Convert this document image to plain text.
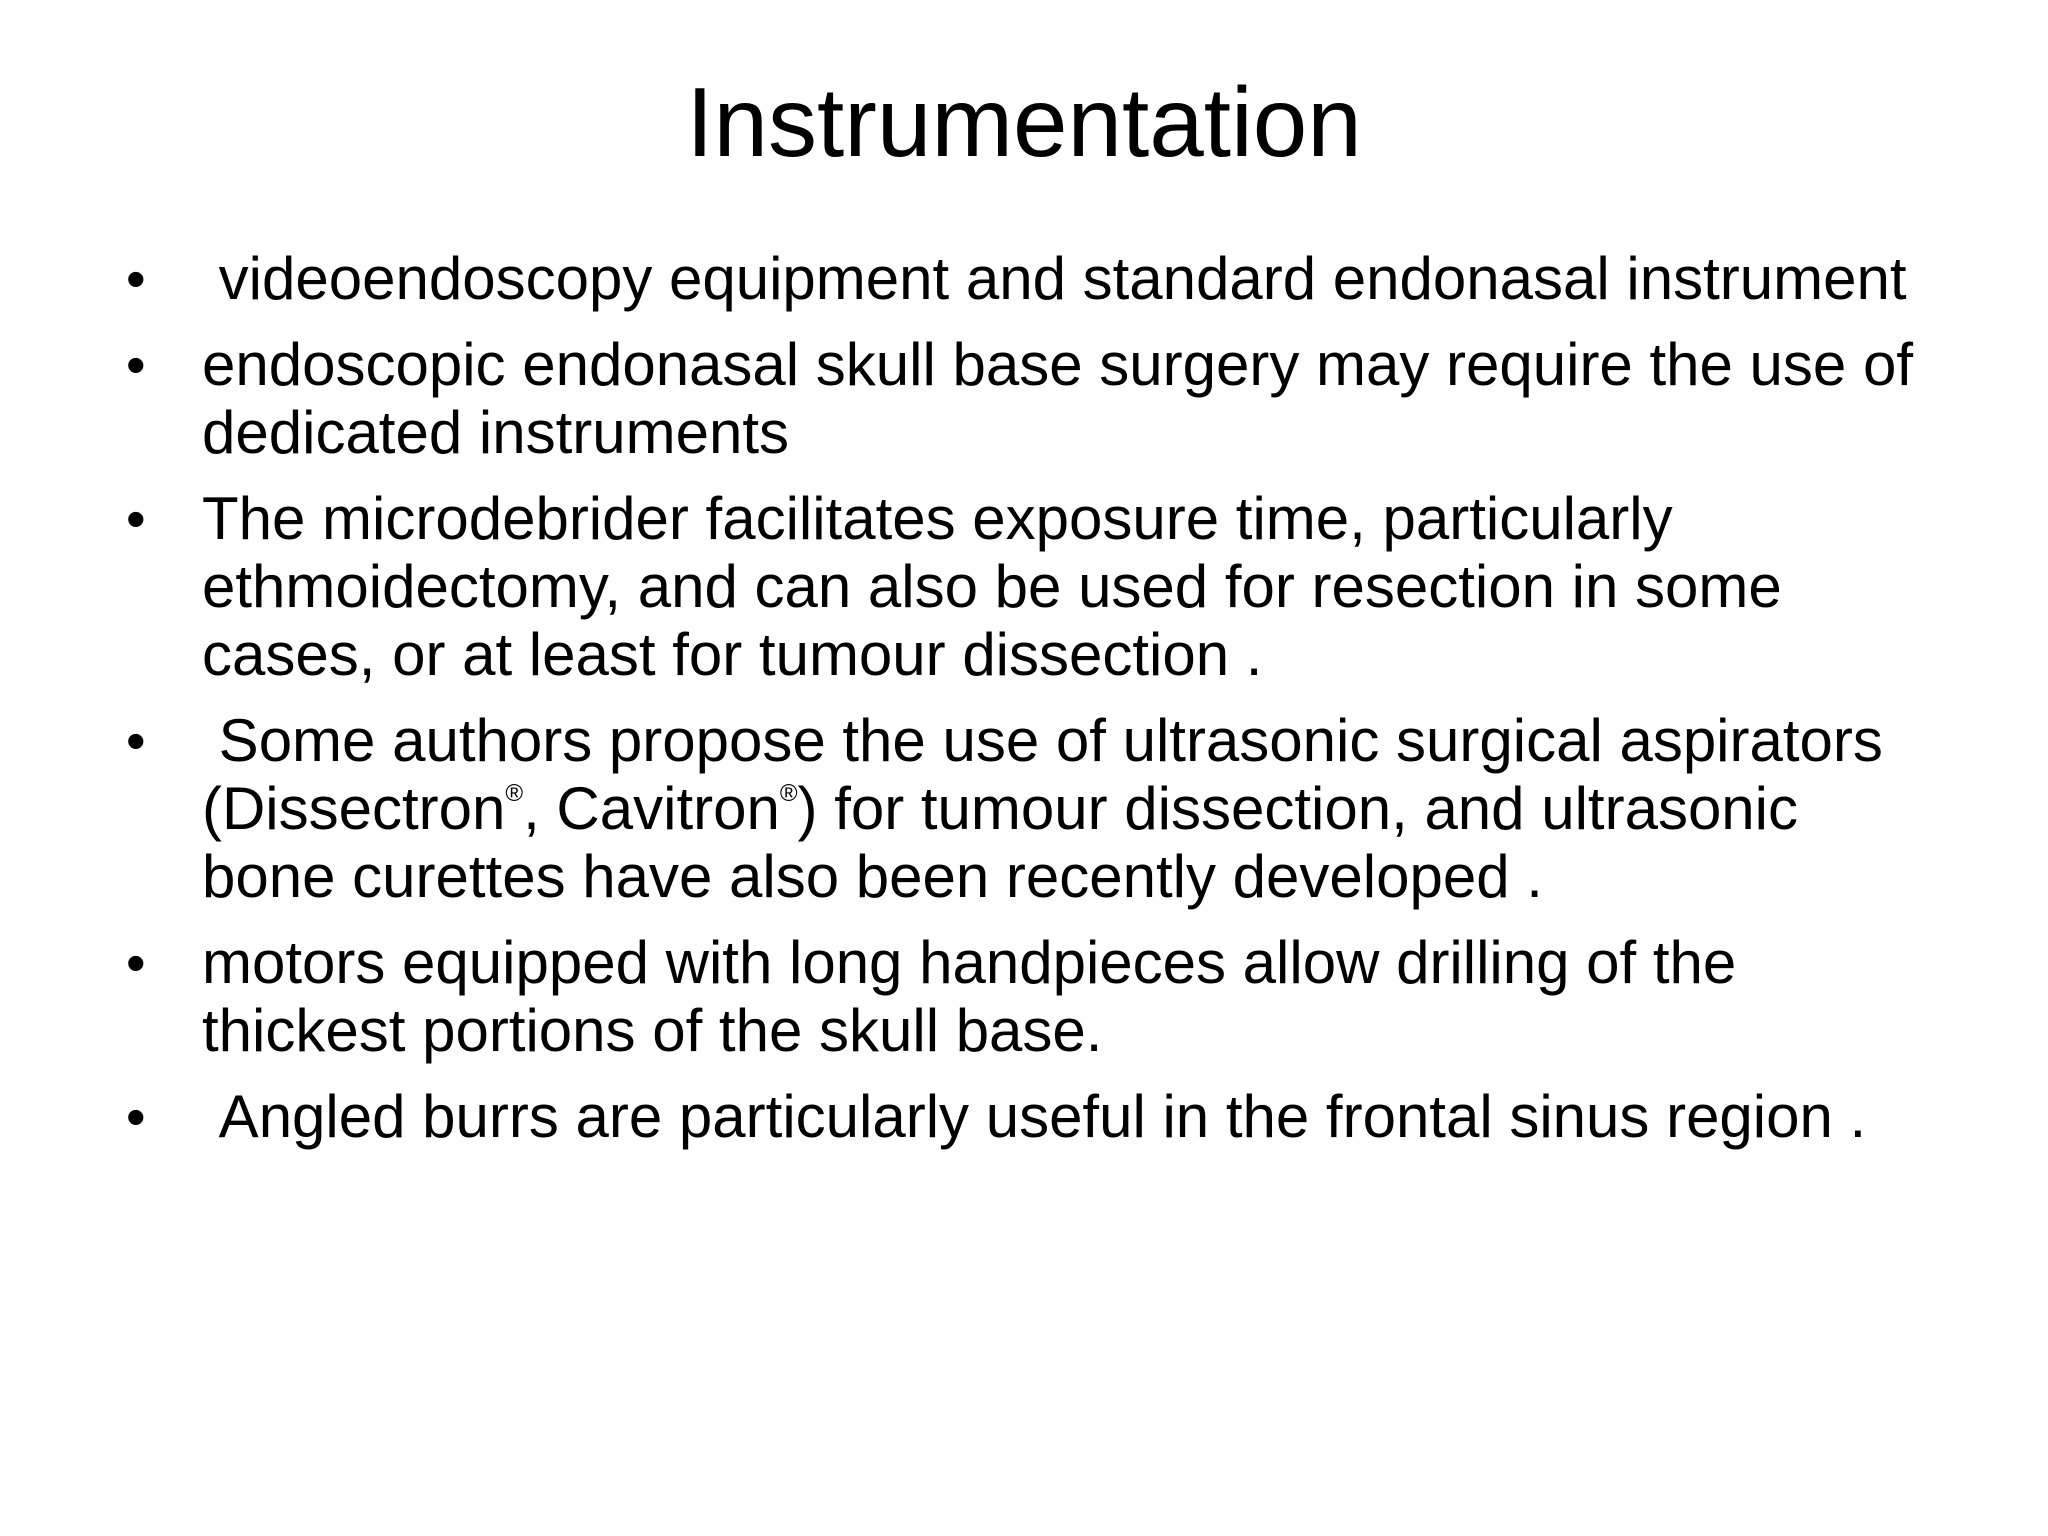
Instrumentation
• videoendoscopy equipment and standard endonasal instrument
• endoscopic endonasal skull base surgery may require the use of dedicated instruments
• The microdebrider facilitates exposure time, particularly ethmoidectomy, and can also be used for resection in some cases, or at least for tumour dissection .
• Some authors propose the use of ultrasonic surgical aspirators (Dissectron®, Cavitron®) for tumour dissection, and ultrasonic bone curettes have also been recently developed .
• motors equipped with long handpieces allow drilling of the thickest portions of the skull base.
• Angled burrs are particularly useful in the frontal sinus region .
